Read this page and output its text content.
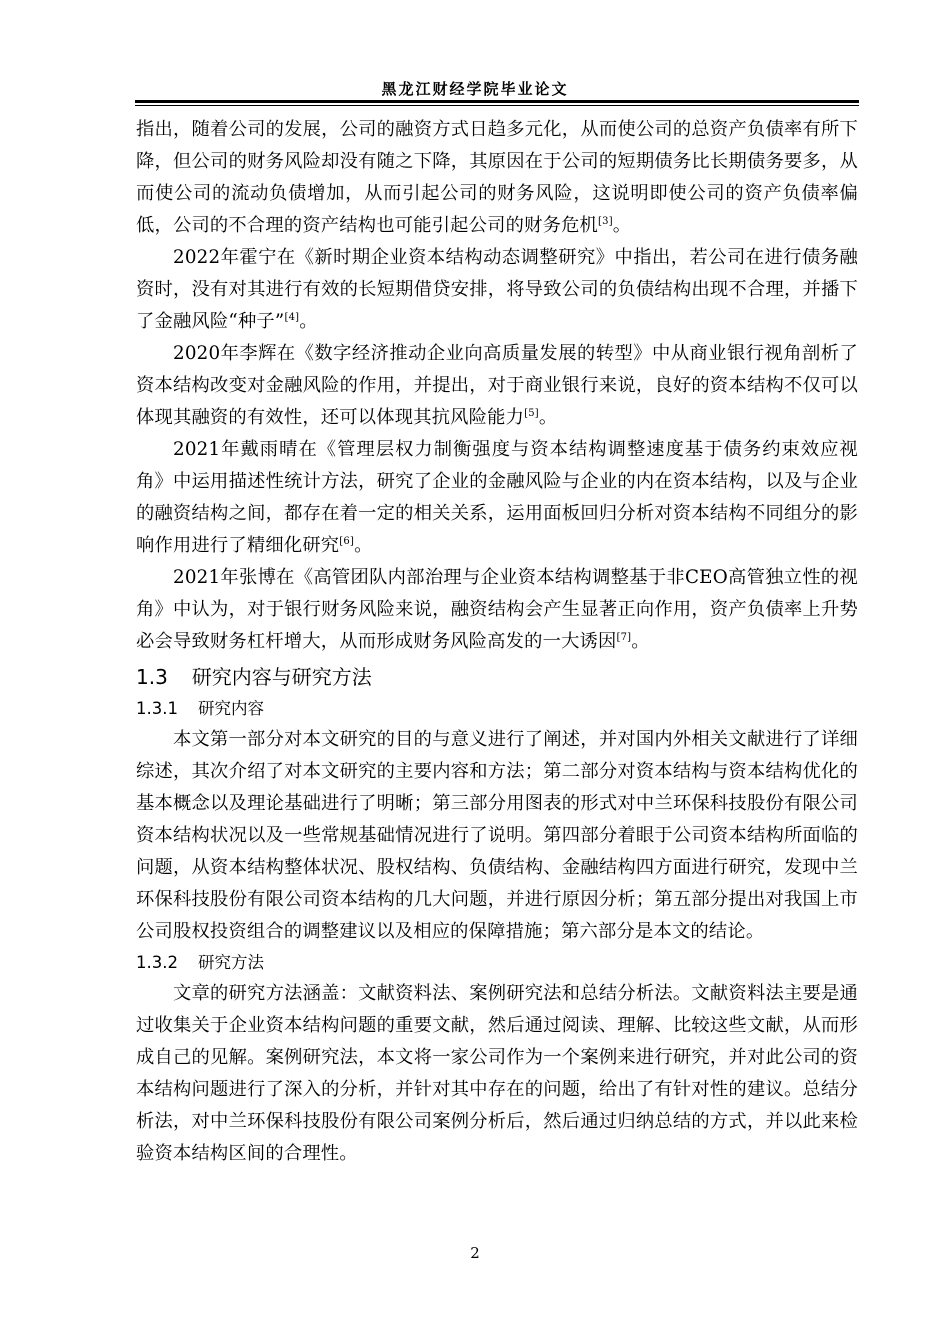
黑龙江财经学院毕业论文

指出，随着公司的发展，公司的融资方式日趋多元化，从而使公司的总资产负债率有所下降，但公司的财务风险却没有随之下降，其原因在于公司的短期债务比长期债务要多，从而使公司的流动负债增加，从而引起公司的财务风险，这说明即使公司的资产负债率偏低，公司的不合理的资产结构也可能引起公司的财务危机[3]。

2022年霍宁在《新时期企业资本结构动态调整研究》中指出，若公司在进行债务融资时，没有对其进行有效的长短期借贷安排，将导致公司的负债结构出现不合理，并播下了金融风险“种子”[4]。

2020年李辉在《数字经济推动企业向高质量发展的转型》中从商业银行视角剖析了资本结构改变对金融风险的作用，并提出，对于商业银行来说，良好的资本结构不仅可以体现其融资的有效性，还可以体现其抗风险能力[5]。

2021年戴雨晴在《管理层权力制衡强度与资本结构调整速度基于债务约束效应视角》中运用描述性统计方法，研究了企业的金融风险与企业的内在资本结构，以及与企业的融资结构之间，都存在着一定的相关关系，运用面板回归分析对资本结构不同组分的影响作用进行了精细化研究[6]。

2021年张博在《高管团队内部治理与企业资本结构调整基于非CEO高管独立性的视角》中认为，对于银行财务风险来说，融资结构会产生显著正向作用，资产负债率上升势必会导致财务杠杆增大，从而形成财务风险高发的一大诱因[7]。

1.3 研究内容与研究方法
1.3.1 研究内容

本文第一部分对本文研究的目的与意义进行了阐述，并对国内外相关文献进行了详细综述，其次介绍了对本文研究的主要内容和方法；第二部分对资本结构与资本结构优化的基本概念以及理论基础进行了明晰；第三部分用图表的形式对中兰环保科技股份有限公司资本结构状况以及一些常规基础情况进行了说明。第四部分着眼于公司资本结构所面临的问题，从资本结构整体状况、股权结构、负债结构、金融结构四方面进行研究，发现中兰环保科技股份有限公司资本结构的几大问题，并进行原因分析；第五部分提出对我国上市公司股权投资组合的调整建议以及相应的保障措施；第六部分是本文的结论。

1.3.2 研究方法

文章的研究方法涵盖：文献资料法、案例研究法和总结分析法。文献资料法主要是通过收集关于企业资本结构问题的重要文献，然后通过阅读、理解、比较这些文献，从而形成自己的见解。案例研究法，本文将一家公司作为一个案例来进行研究，并对此公司的资本结构问题进行了深入的分析，并针对其中存在的问题，给出了有针对性的建议。总结分析法，对中兰环保科技股份有限公司案例分析后，然后通过归纳总结的方式，并以此来检验资本结构区间的合理性。

2
